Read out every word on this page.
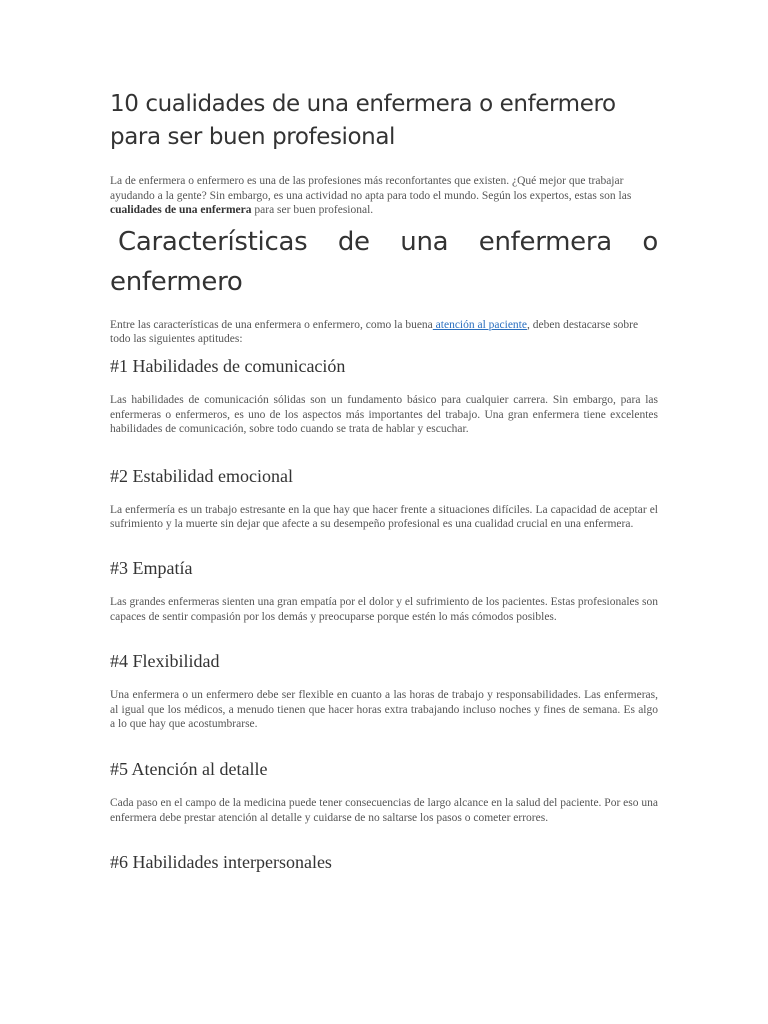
10 cualidades de una enfermera o enfermero para ser buen profesional

La de enfermera o enfermero es una de las profesiones más reconfortantes que existen. ¿Qué mejor que trabajar ayudando a la gente? Sin embargo, es una actividad no apta para todo el mundo. Según los expertos, estas son las cualidades de una enfermera para ser buen profesional.

Características de una enfermera o enfermero

Entre las características de una enfermera o enfermero, como la buena atención al paciente, deben destacarse sobre todo las siguientes aptitudes:

#1 Habilidades de comunicación

Las habilidades de comunicación sólidas son un fundamento básico para cualquier carrera. Sin embargo, para las enfermeras o enfermeros, es uno de los aspectos más importantes del trabajo. Una gran enfermera tiene excelentes habilidades de comunicación, sobre todo cuando se trata de hablar y escuchar.

#2 Estabilidad emocional

La enfermería es un trabajo estresante en la que hay que hacer frente a situaciones difíciles. La capacidad de aceptar el sufrimiento y la muerte sin dejar que afecte a su desempeño profesional es una cualidad crucial en una enfermera.

#3 Empatía

Las grandes enfermeras sienten una gran empatía por el dolor y el sufrimiento de los pacientes. Estas profesionales son capaces de sentir compasión por los demás y preocuparse porque estén lo más cómodos posibles.

#4 Flexibilidad

Una enfermera o un enfermero debe ser flexible en cuanto a las horas de trabajo y responsabilidades. Las enfermeras, al igual que los médicos, a menudo tienen que hacer horas extra trabajando incluso noches y fines de semana. Es algo a lo que hay que acostumbrarse.

#5 Atención al detalle

Cada paso en el campo de la medicina puede tener consecuencias de largo alcance en la salud del paciente. Por eso una enfermera debe prestar atención al detalle y cuidarse de no saltarse los pasos o cometer errores.

#6 Habilidades interpersonales
